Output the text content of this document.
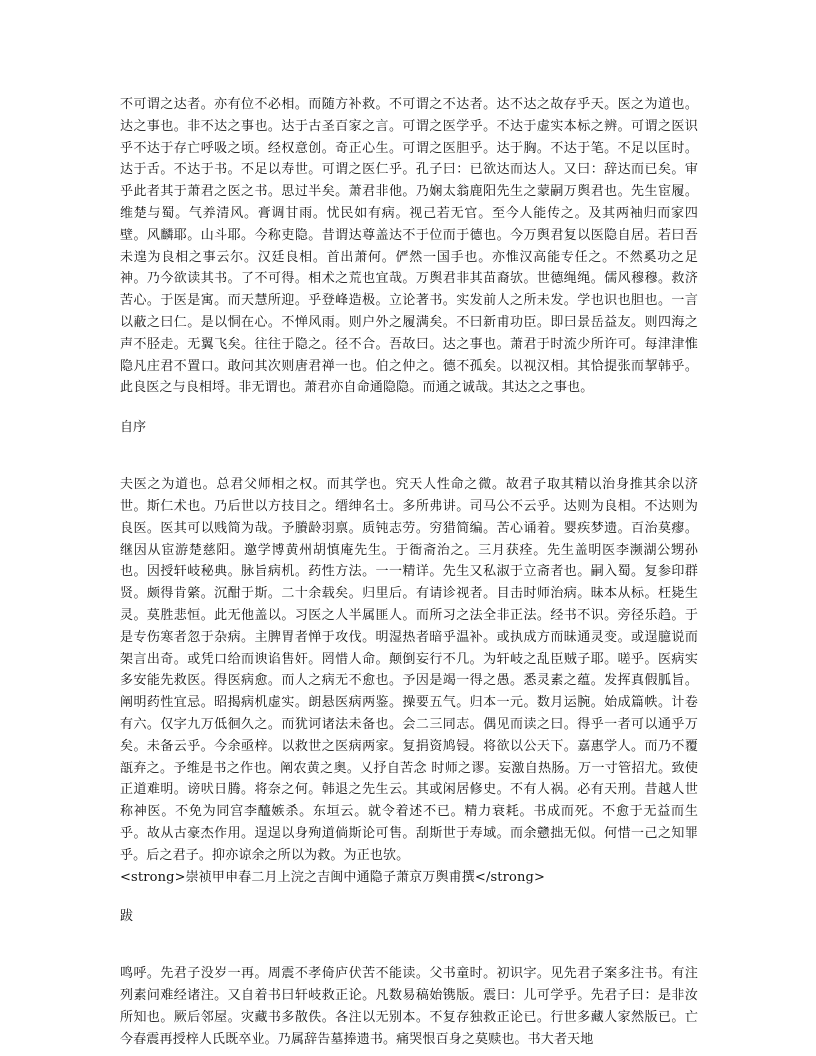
不可谓之达者。亦有位不必相。而随方补救。不可谓之不达者。达不达之故存乎天。医之为道也。达之事也。非不达之事也。达于古圣百家之言。可谓之医学乎。不达于虚实本标之辨。可谓之医识乎不达于存亡呼吸之顷。经权意创。奇正心生。可谓之医胆乎。达于胸。不达于笔。不足以匡时。达于舌。不达于书。不足以寿世。可谓之医仁乎。孔子曰：已欲达而达人。又曰：辞达而已矣。审乎此者其于萧君之医之书。思过半矣。萧君非他。乃娴太翁鹿阳先生之蒙嗣万舆君也。先生宦履。维楚与蜀。气养清风。膏调甘雨。忧民如有病。视己若无官。至今人能传之。及其两袖归而家四壁。风麟耶。山斗耶。今称吏隐。昔谓达尊盖达不于位而于德也。今万舆君复以医隐自居。若曰吾未遑为良相之事云尔。汉廷良相。首出萧何。俨然一国手也。亦惟汉高能专任之。不然奚功之足神。乃今欲读其书。了不可得。相术之荒也宜哉。万舆君非其苗裔欤。世德绳绳。儒风穆穆。救济苦心。于医是寓。而天慧所迎。乎登峰造极。立论著书。实发前人之所未发。学也识也胆也。一言以蔽之曰仁。是以恫在心。不惮风雨。则户外之履满矣。不曰新甫功臣。即曰景岳益友。则四海之声不胫走。无翼飞矣。往往于隐之。径不合。吾故曰。达之事也。萧君于时流少所许可。每津津惟隐凡庄君不置口。敢问其次则唐君禅一也。伯之仲之。德不孤矣。以视汉相。其恰提张而挈韩乎。此良医之与良相埒。非无谓也。萧君亦自命通隐隐。而通之诚哉。其达之之事也。

自序

夫医之为道也。总君父师相之权。而其学也。究天人性命之微。故君子取其精以治身推其余以济世。斯仁术也。乃后世以方技目之。缙绅名士。多所弗讲。司马公不云乎。达则为良相。不达则为良医。医其可以贱简为哉。予賸龄羽禀。质钝志劳。穷猎简编。苦心诵着。婴疾梦遗。百治莫瘳。继因从宦游楚慈阳。邀学博黄州胡慎庵先生。于衙斋治之。三月获痊。先生盖明医李濒湖公甥孙也。因授轩岐秘典。脉旨病机。药性方法。一一精详。先生又私淑于立斋者也。嗣入蜀。复参印群贤。颇得肯綮。沉酣于斯。二十余载矣。归里后。有请诊视者。目击时师治病。昧本从标。枉毙生灵。莫胜悲恒。此无他盖以。习医之人半属匪人。而所习之法全非正法。经书不识。旁径乐趋。于是专伤寒者忽于杂病。主脾胃者惮于攻伐。明湿热者暗乎温补。或执成方而昧通灵变。或逞臆说而架言出奇。或凭口给而谀谄售奸。罔惜人命。颠倒妄行不几。为轩岐之乱臣贼子耶。嗟乎。医病实多安能先救医。得医病愈。而人之病无不愈也。予因是竭一得之愚。悉灵素之蕴。发挥真假胍旨。阐明药性宜忌。昭揭病机虚实。朗悬医病两鉴。操要五气。归本一元。数月运腕。始成篇帙。计卷有六。仅字九万低徊久之。而犹诃诸法未备也。会二三同志。偶见而读之曰。得乎一者可以通乎万矣。未备云乎。今余亟梓。以救世之医病两家。复捐资鸠锓。将欲以公天下。嘉惠学人。而乃不覆瓿弃之。予维是书之作也。阐农黄之奥。乂抒自苦念 时师之谬。妄激自热肠。万一寸管招尤。致使正道难明。谤吠日腾。将奈之何。韩退之先生云。其或闲居修史。不有人祸。必有天刑。昔越人世称神医。不免为同宫李醯嫉杀。东垣云。就令着述不已。精力衰耗。书成而死。不愈于无益而生乎。故从古豪杰作用。逞逞以身殉道倘斯论可售。刮斯世于寿域。而余戆拙无似。何惜一己之知罪乎。后之君子。抑亦谅余之所以为救。为正也欤。

<strong>崇祯甲申春二月上浣之吉闽中通隐子萧京万舆甫撰</strong>

跋

鸣呼。先君子没岁一再。周震不孝倚庐伏苦不能读。父书童时。初识字。见先君子案多注书。有注列素问难经诸注。又自着书曰轩岐救正论。凡数易稿始镌版。震曰：儿可学乎。先君子曰：是非汝所知也。厥后邻屋。灾藏书多散佚。各注以无别本。不复存独救正论已。行世多藏人家然版已。亡今春震再授梓人氏既卒业。乃属辞告墓捧遗书。痛哭恨百身之莫赎也。书大者天地
